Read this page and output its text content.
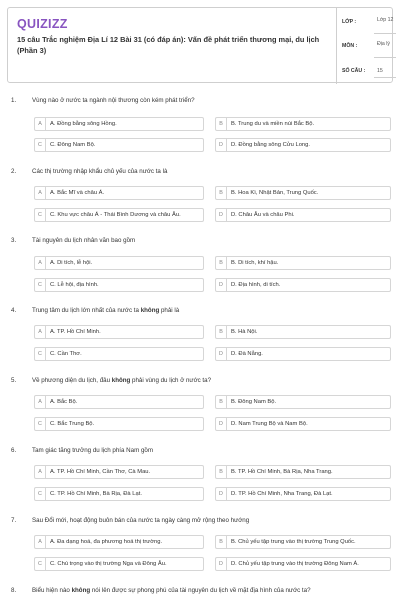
QUIZIZZ
15 câu Trắc nghiệm Địa Lí 12 Bài 31 (có đáp án): Vấn đề phát triển thương mại, du lịch (Phần 3)
LỚP :	Lớp 12
MÔN :	Địa lý
SỐ CÂU : 15
1.	Vùng nào ở nước ta ngành nội thương còn kém phát triển?
A	A. Đồng bằng sông Hồng.	B	B. Trung du và miền núi Bắc Bộ.
C	C. Đông Nam Bộ.	D	D. Đồng bằng sông Cửu Long.
2.	Các thị trường nhập khẩu chủ yếu của nước ta là
A	A. Bắc Mĩ và châu Á.	B	B. Hoa Kì, Nhật Bản, Trung Quốc.
C	C. Khu vực châu Á - Thái Bình Dương và châu Âu.	D	D. Châu Âu và châu Phi.
3.	Tài nguyên du lịch nhân văn bao gồm
A	A. Di tích, lễ hội.	B	B. Di tích, khí hậu.
C	C. Lễ hội, địa hình.	D	D. Địa hình, di tích.
4.	Trung tâm du lịch lớn nhất của nước ta không phải là
A	A. TP. Hồ Chí Minh.	B	B. Hà Nội.
C	C. Cần Thơ.	D	D. Đà Nẵng.
5.	Về phương diện du lịch, đâu không phải vùng du lịch ở nước ta?
A	A. Bắc Bộ.	B	B. Đông Nam Bộ.
C	C. Bắc Trung Bộ.	D	D. Nam Trung Bộ và Nam Bộ.
6.	Tam giác tăng trưởng du lịch phía Nam gồm
A	A. TP. Hồ Chí Minh, Cần Thơ, Cà Mau.	B	B. TP. Hồ Chí Minh, Bà Rịa, Nha Trang.
C	C. TP. Hồ Chí Minh, Bà Rịa, Đà Lạt.	D	D. TP. Hồ Chí Minh, Nha Trang, Đà Lạt.
7.	Sau Đổi mới, hoạt động buôn bán của nước ta ngày càng mở rộng theo hướng
A	A. Đa dạng hoá, đa phương hoá thị trường.	B	B. Chủ yếu tập trung vào thị trường Trung Quốc.
C	C. Chú trọng vào thị trường Nga và Đông Âu.	D	D. Chủ yếu tập trung vào thị trường Đông Nam Á.
8.	Biểu hiện nào không nói lên được sự phong phú của tài nguyên du lịch về mặt địa hình của nước ta?
